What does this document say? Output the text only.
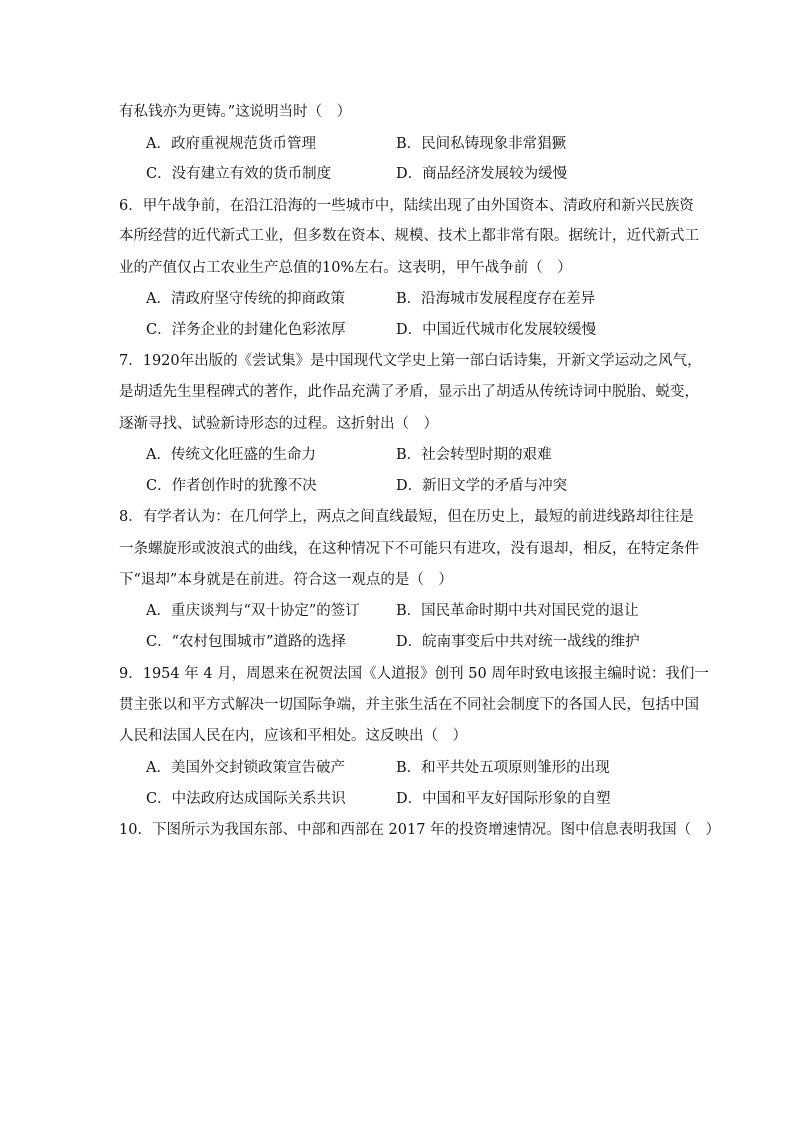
有私钱亦为更铸。”这说明当时（　）
A．政府重视规范货币管理	B．民间私铸现象非常猖獗
C．没有建立有效的货币制度	D．商品经济发展较为缓慢
6．甲午战争前，在沿江沿海的一些城市中，陆续出现了由外国资本、清政府和新兴民族资
本所经营的近代新式工业，但多数在资本、规模、技术上都非常有限。据统计，近代新式工
业的产值仅占工农业生产总值的10%左右。这表明，甲午战争前（　）
A．清政府坚守传统的抑商政策	B．沿海城市发展程度存在差异
C．洋务企业的封建化色彩浓厚	D．中国近代城市化发展较缓慢
7．1920年出版的《尝试集》是中国现代文学史上第一部白话诗集，开新文学运动之风气，
是胡适先生里程碑式的著作，此作品充满了矛盾，显示出了胡适从传统诗词中脱胎、蜕变，
逐渐寻找、试验新诗形态的过程。这折射出（　）
A．传统文化旺盛的生命力	B．社会转型时期的艰难
C．作者创作时的犹豫不决	D．新旧文学的矛盾与冲突
8．有学者认为：在几何学上，两点之间直线最短，但在历史上，最短的前进线路却往往是
一条螺旋形或波浪式的曲线，在这种情况下不可能只有进攻，没有退却，相反，在特定条件
下“退却”本身就是在前进。符合这一观点的是（　）
A．重庆谈判与“双十协定”的签订 B．国民革命时期中共对国民党的退让
C．“农村包围城市”道路的选择	D．皖南事变后中共对统一战线的维护
9．1954 年 4 月，周恩来在祝贺法国《人道报》创刊 50 周年时致电该报主编时说：我们一
贯主张以和平方式解决一切国际争端，并主张生活在不同社会制度下的各国人民，包括中国
人民和法国人民在内，应该和平相处。这反映出（　）
A．美国外交封锁政策宣告破产	B．和平共处五项原则雏形的出现
C．中法政府达成国际关系共识	D．中国和平友好国际形象的自塑
10．下图所示为我国东部、中部和西部在 2017 年的投资增速情况。图中信息表明我国（　）
